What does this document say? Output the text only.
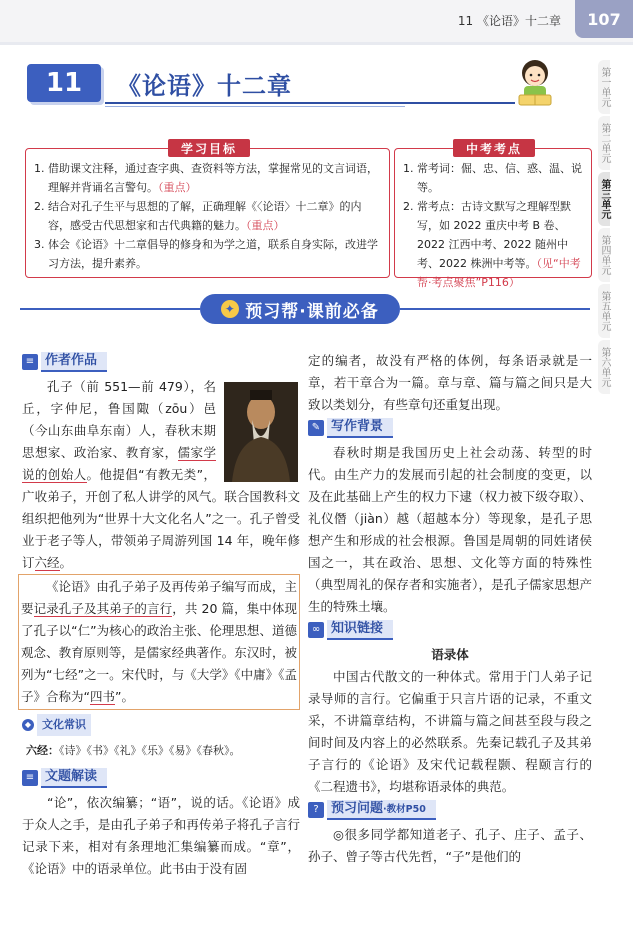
11 《论语》十二章	107
第一单元
第二单元
第三单元
第四单元
第五单元
第六单元
11	《论语》十二章
学习目标
1. 借助课文注释，通过查字典、查资料等方法，掌握常见的文言词语，理解并背诵名言警句。（重点）
2. 结合对孔子生平与思想的了解，正确理解《〈论语〉十二章》的内容，感受古代思想家和古代典籍的魅力。（重点）
3. 体会《论语》十二章倡导的修身和为学之道，联系自身实际，改进学习方法，提升素养。
中考考点
1. 常考词：倔、忠、信、惑、温、说等。
2. 常考点：古诗文默写之理解型默写，如 2022 重庆中考 B 卷、2022 江西中考、2022 随州中考、2022 株洲中考等。（见“中考帮·考点聚焦”P116）
✦ 预习帮·课前必备
≡ 作者作品

孔子（前 551—前 479），名丘，字仲尼，鲁国陬（zōu）邑（今山东曲阜东南）人，春秋末期思想家、政治家、教育家，儒家学说的创始人。他提倡“有教无类”，广收弟子，开创了私人讲学的风气。联合国教科文组织把他列为“世界十大文化名人”之一。孔子曾受业于老子等人，带领弟子周游列国 14 年，晚年修订六经。

《论语》由孔子弟子及再传弟子编写而成，主要记录孔子及其弟子的言行，共 20 篇，集中体现了孔子以“仁”为核心的政治主张、伦理思想、道德观念、教育原则等，是儒家经典著作。东汉时，被列为“七经”之一。宋代时，与《大学》《中庸》《孟子》合称为“四书”。

◆ 文化常识
六经：《诗》《书》《礼》《乐》《易》《春秋》。
≡ 文题解读

“论”，依次编纂；“语”，说的话。《论语》成于众人之手，是由孔子弟子和再传弟子将孔子言行记录下来，相对有条理地汇集编纂而成。“章”，《论语》中的语录单位。此书由于没有固

定的编者，故没有严格的体例，每条语录就是一章，若干章合为一篇。章与章、篇与篇之间只是大致以类划分，有些章句还重复出现。

✎ 写作背景

春秋时期是我国历史上社会动荡、转型的时代。由生产力的发展而引起的社会制度的变更，以及在此基础上产生的权力下逮（权力被下级夺取）、礼仪僭（jiàn）越（超越本分）等现象，是孔子思想产生和形成的社会根源。鲁国是周朝的同姓诸侯国之一，其在政治、思想、文化等方面的特殊性（典型周礼的保存者和实施者），是孔子儒家思想产生的特殊土壤。

∞ 知识链接
语录体

中国古代散文的一种体式。常用于门人弟子记录导师的言行。它偏重于只言片语的记录，不重文采，不讲篇章结构，不讲篇与篇之间甚至段与段之间时间及内容上的必然联系。先秦记载孔子及其弟子言行的《论语》及宋代记载程颢、程颐言行的《二程遗书》，均堪称语录体的典范。

? 预习问题·教材P50

◎很多同学都知道老子、孔子、庄子、孟子、孙子、曾子等古代先哲，“子”是他们的
